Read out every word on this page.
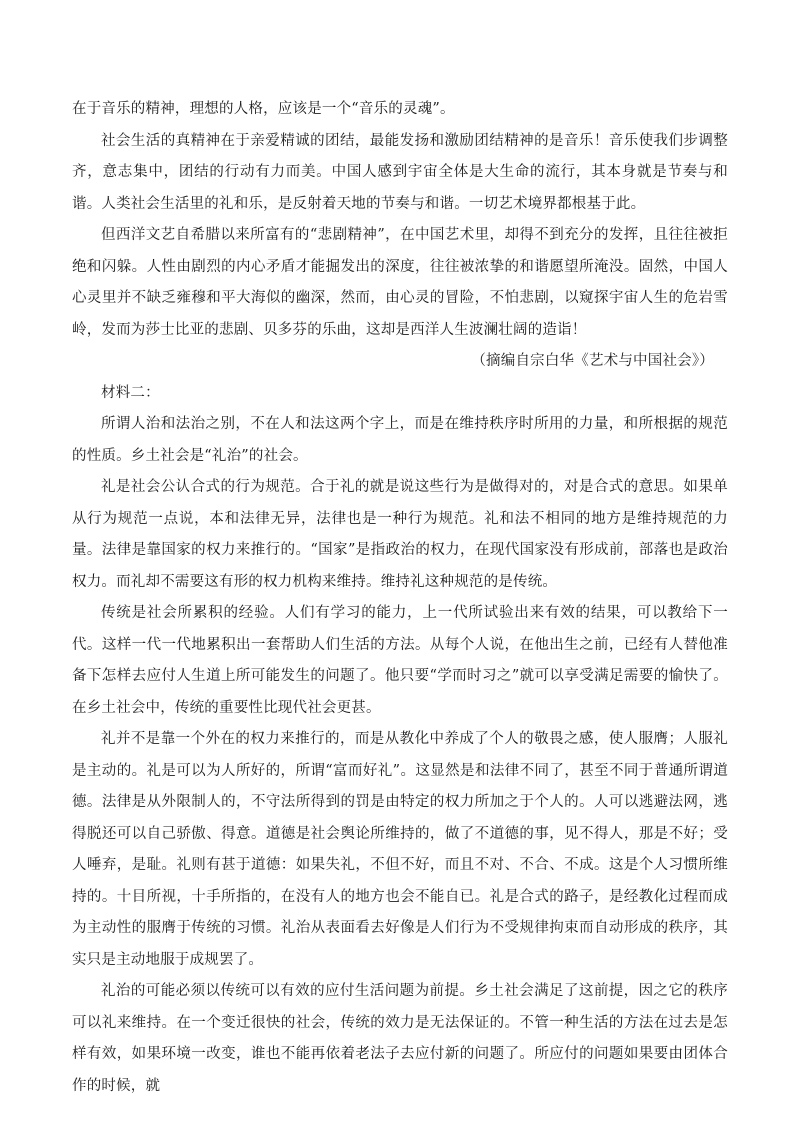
在于音乐的精神，理想的人格，应该是一个“音乐的灵魂”。

社会生活的真精神在于亲爱精诚的团结，最能发扬和激励团结精神的是音乐！音乐使我们步调整齐，意志集中，团结的行动有力而美。中国人感到宇宙全体是大生命的流行，其本身就是节奏与和谐。人类社会生活里的礼和乐，是反射着天地的节奏与和谐。一切艺术境界都根基于此。

但西洋文艺自希腊以来所富有的“悲剧精神”，在中国艺术里，却得不到充分的发挥，且往往被拒绝和闪躲。人性由剧烈的内心矛盾才能掘发出的深度，往往被浓挚的和谐愿望所淹没。固然，中国人心灵里并不缺乏雍穆和平大海似的幽深，然而，由心灵的冒险，不怕悲剧，以窥探宇宙人生的危岩雪岭，发而为莎士比亚的悲剧、贝多芬的乐曲，这却是西洋人生波澜壮阔的造诣！

（摘编自宗白华《艺术与中国社会》）

材料二：

所谓人治和法治之别，不在人和法这两个字上，而是在维持秩序时所用的力量，和所根据的规范的性质。乡土社会是“礼治”的社会。

礼是社会公认合式的行为规范。合于礼的就是说这些行为是做得对的，对是合式的意思。如果单从行为规范一点说，本和法律无异，法律也是一种行为规范。礼和法不相同的地方是维持规范的力量。法律是靠国家的权力来推行的。“国家”是指政治的权力，在现代国家没有形成前，部落也是政治权力。而礼却不需要这有形的权力机构来维持。维持礼这种规范的是传统。

传统是社会所累积的经验。人们有学习的能力，上一代所试验出来有效的结果，可以教给下一代。这样一代一代地累积出一套帮助人们生活的方法。从每个人说，在他出生之前，已经有人替他准备下怎样去应付人生道上所可能发生的问题了。他只要“学而时习之”就可以享受满足需要的愉快了。在乡土社会中，传统的重要性比现代社会更甚。

礼并不是靠一个外在的权力来推行的，而是从教化中养成了个人的敬畏之感，使人服膺；人服礼是主动的。礼是可以为人所好的，所谓“富而好礼”。这显然是和法律不同了，甚至不同于普通所谓道德。法律是从外限制人的，不守法所得到的罚是由特定的权力所加之于个人的。人可以逃避法网，逃得脱还可以自己骄傲、得意。道德是社会舆论所维持的，做了不道德的事，见不得人，那是不好；受人唾弃，是耻。礼则有甚于道德：如果失礼，不但不好，而且不对、不合、不成。这是个人习惯所维持的。十目所视，十手所指的，在没有人的地方也会不能自已。礼是合式的路子，是经教化过程而成为主动性的服膺于传统的习惯。礼治从表面看去好像是人们行为不受规律拘束而自动形成的秩序，其实只是主动地服于成规罢了。

礼治的可能必须以传统可以有效的应付生活问题为前提。乡土社会满足了这前提，因之它的秩序可以礼来维持。在一个变迁很快的社会，传统的效力是无法保证的。不管一种生活的方法在过去是怎样有效，如果环境一改变，谁也不能再依着老法子去应付新的问题了。所应付的问题如果要由团体合作的时候，就
